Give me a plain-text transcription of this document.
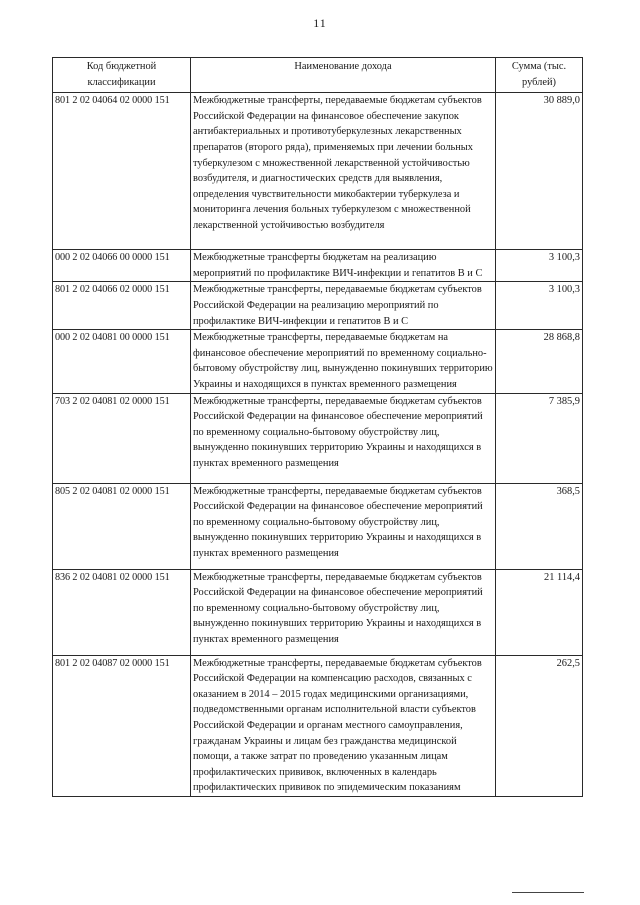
11
Код бюджетной классификации	Наименование дохода	Сумма (тыс. рублей)
801 2 02 04064 02 0000 151	Межбюджетные трансферты, передаваемые бюджетам субъектов Российской Федерации на финансовое обеспечение закупок антибактериальных и противотуберкулезных лекарственных препаратов (второго ряда), применяемых при лечении больных туберкулезом с множественной лекарственной устойчивостью возбудителя, и диагностических средств для выявления, определения чувствительности микобактерии туберкулеза и мониторинга лечения больных туберкулезом с множественной лекарственной устойчивостью возбудителя	30 889,0
000 2 02 04066 00 0000 151	Межбюджетные трансферты бюджетам на реализацию мероприятий по профилактике ВИЧ-инфекции и гепатитов В и С	3 100,3
801 2 02 04066 02 0000 151	Межбюджетные трансферты, передаваемые бюджетам субъектов Российской Федерации на реализацию мероприятий по профилактике ВИЧ-инфекции и гепатитов В и С	3 100,3
000 2 02 04081 00 0000 151	Межбюджетные трансферты, передаваемые бюджетам на финансовое обеспечение мероприятий по временному социально-бытовому обустройству лиц, вынужденно покинувших территорию Украины и находящихся в пунктах временного размещения	28 868,8
703 2 02 04081 02 0000 151	Межбюджетные трансферты, передаваемые бюджетам субъектов Российской Федерации на финансовое обеспечение мероприятий по временному социально-бытовому обустройству лиц, вынужденно покинувших территорию Украины и находящихся в пунктах временного размещения	7 385,9
805 2 02 04081 02 0000 151	Межбюджетные трансферты, передаваемые бюджетам субъектов Российской Федерации на финансовое обеспечение мероприятий по временному социально-бытовому обустройству лиц, вынужденно покинувших территорию Украины и находящихся в пунктах временного размещения	368,5
836 2 02 04081 02 0000 151	Межбюджетные трансферты, передаваемые бюджетам субъектов Российской Федерации на финансовое обеспечение мероприятий по временному социально-бытовому обустройству лиц, вынужденно покинувших территорию Украины и находящихся в пунктах временного размещения	21 114,4
801 2 02 04087 02 0000 151	Межбюджетные трансферты, передаваемые бюджетам субъектов Российской Федерации на компенсацию расходов, связанных с оказанием в 2014 – 2015 годах медицинскими организациями, подведомственными органам исполнительной власти субъектов Российской Федерации и органам местного самоуправления, гражданам Украины и лицам без гражданства медицинской помощи, а также затрат по проведению указанным лицам профилактических прививок, включенных в календарь профилактических прививок по эпидемическим показаниям	262,5
